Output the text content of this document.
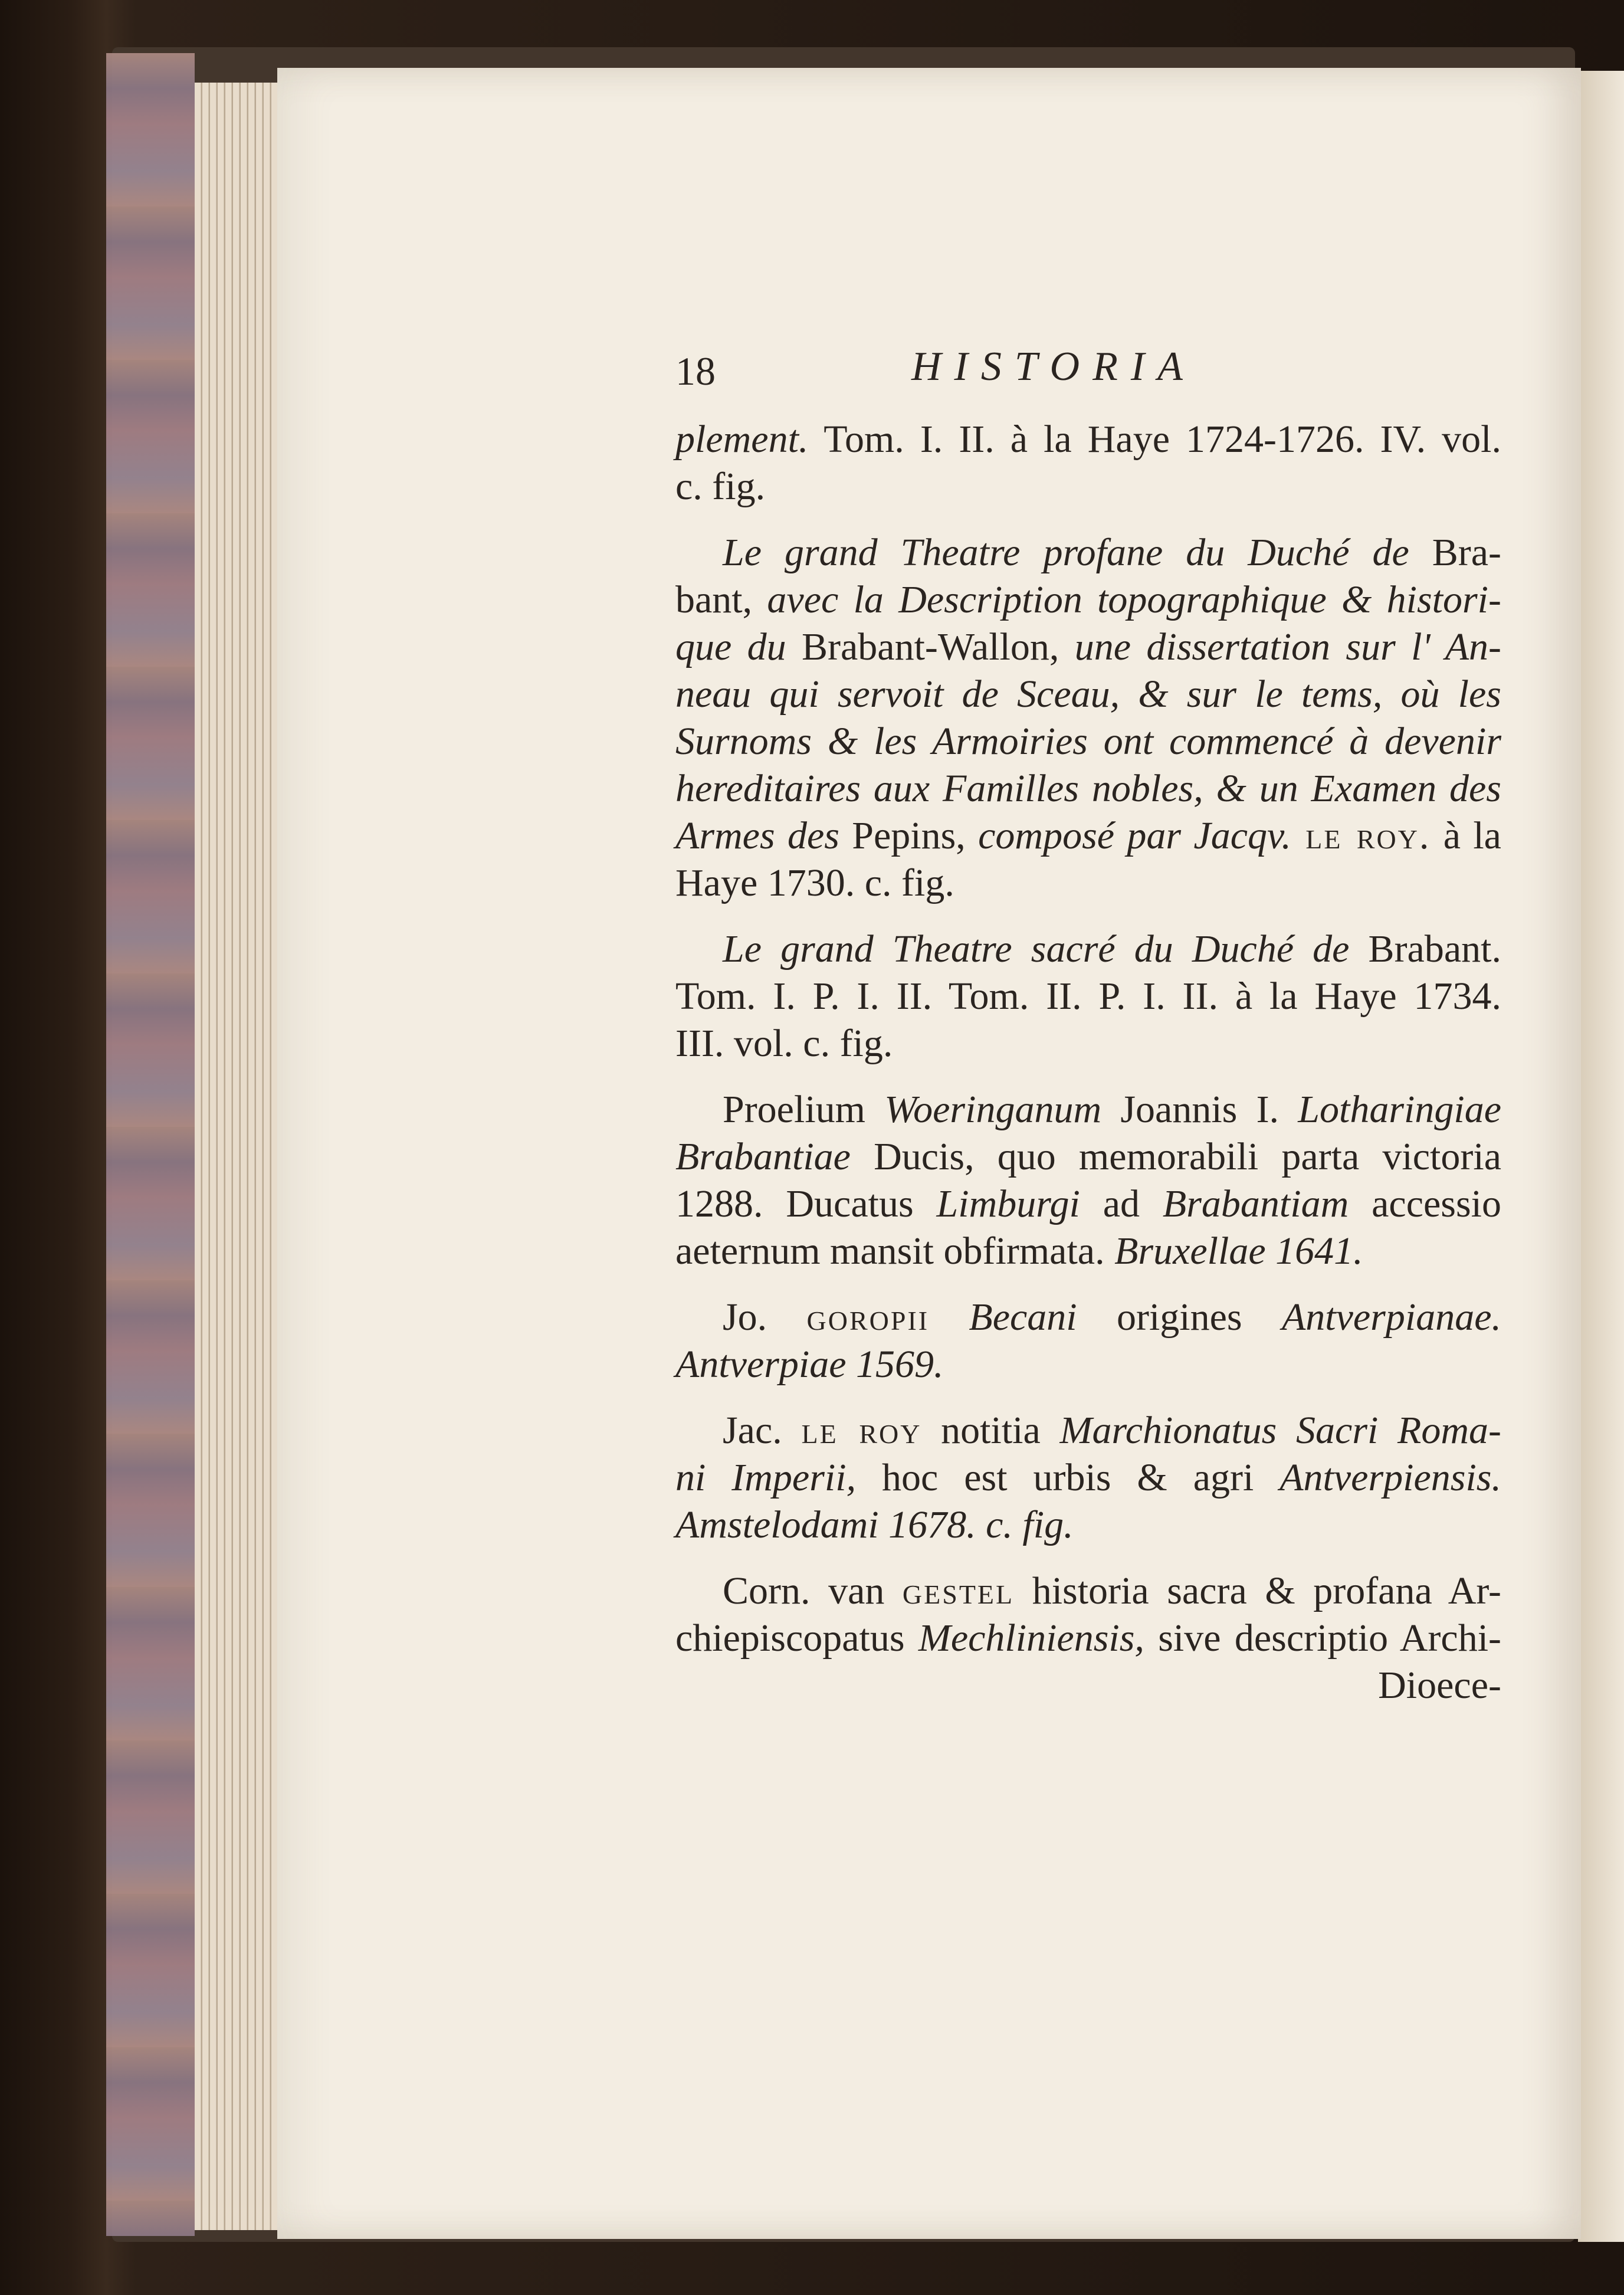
18	HISTORIA
plement. Tom. I. II. à la Haye 1724-1726. IV. vol.
c. fig.
Le grand Theatre profane du Duché de Bra-
bant, avec la Description topographique & histori-
que du Brabant-Wallon, une dissertation sur l' An-
neau qui servoit de Sceau, & sur le tems, où les
Surnoms & les Armoiries ont commencé à devenir
hereditaires aux Familles nobles, & un Examen des
Armes des Pepins, composé par Jacqv. le roy. à la
Haye 1730. c. fig.
Le grand Theatre sacré du Duché de Brabant.
Tom. I. P. I. II. Tom. II. P. I. II. à la Haye 1734.
III. vol. c. fig.
Proelium Woeringanum Joannis I. Lotharingiae
Brabantiae Ducis, quo memorabili parta victoria
1288. Ducatus Limburgi ad Brabantiam accessio
aeternum mansit obfirmata. Bruxellae 1641.
Jo. goropii Becani origines Antverpianae.
Antverpiae 1569.
Jac. le roy notitia Marchionatus Sacri Roma-
ni Imperii, hoc est urbis & agri Antverpiensis.
Amstelodami 1678. c. fig.
Corn. van gestel historia sacra & profana Ar-
chiepiscopatus Mechliniensis, sive descriptio Archi-
Dioece-
